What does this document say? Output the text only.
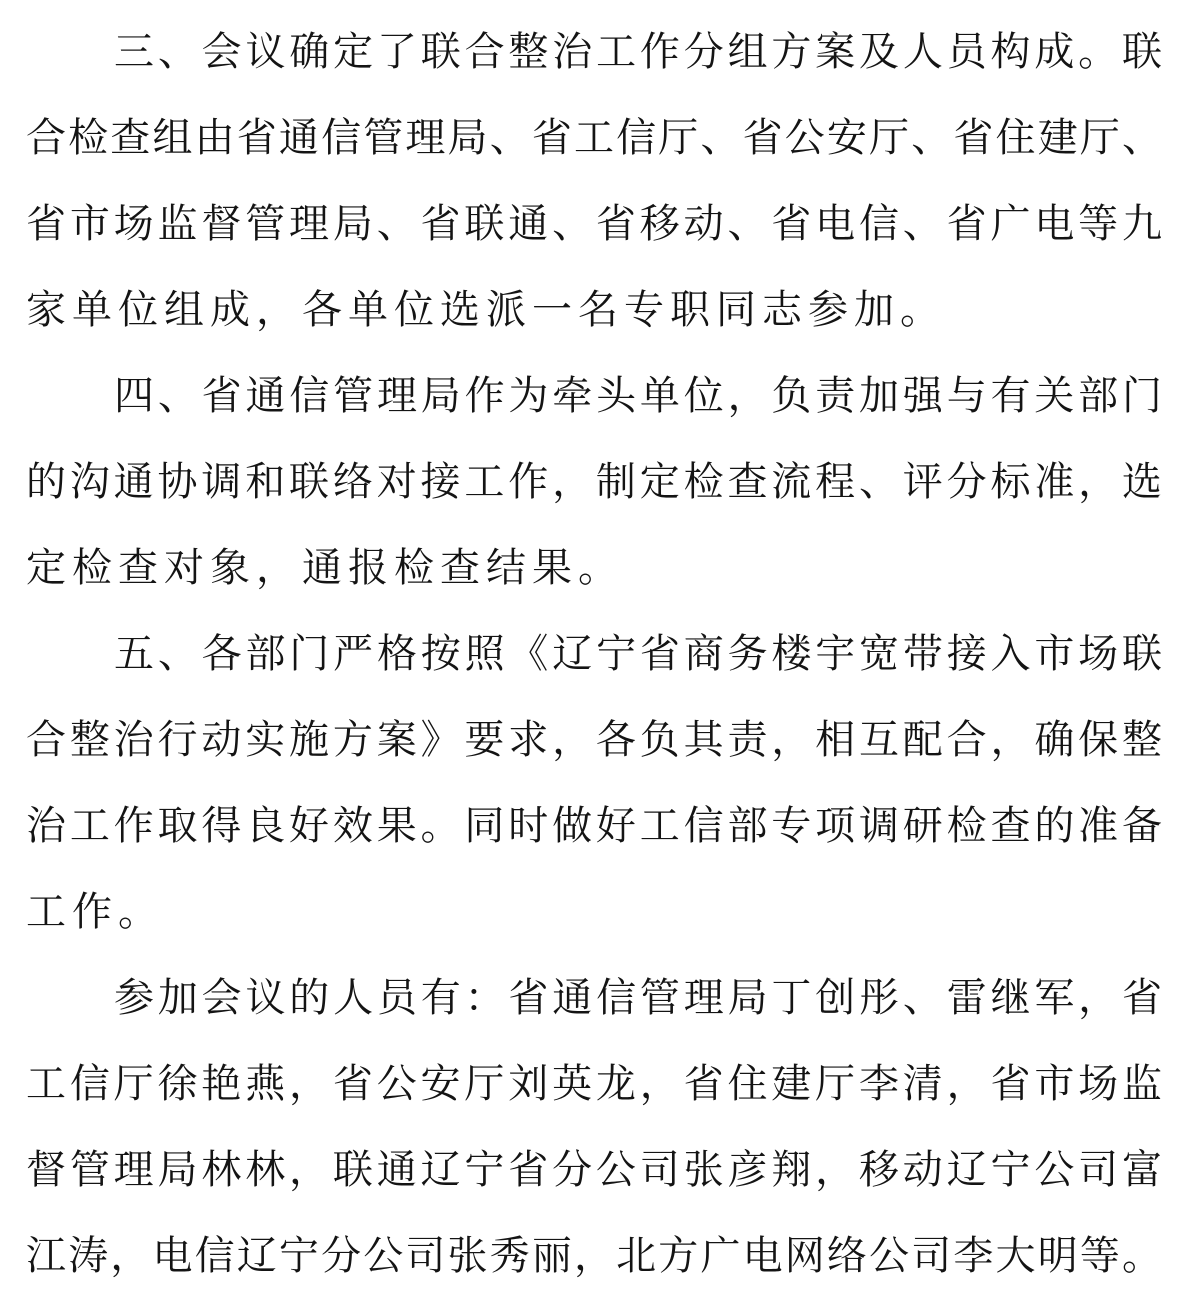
三、会议确定了联合整治工作分组方案及人员构成。联
合检查组由省通信管理局、省工信厅、省公安厅、省住建厅、
省市场监督管理局、省联通、省移动、省电信、省广电等九
家单位组成，各单位选派一名专职同志参加。
四、省通信管理局作为牵头单位，负责加强与有关部门
的沟通协调和联络对接工作，制定检查流程、评分标准，选
定检查对象，通报检查结果。
五、各部门严格按照《辽宁省商务楼宇宽带接入市场联
合整治行动实施方案》要求，各负其责，相互配合，确保整
治工作取得良好效果。同时做好工信部专项调研检查的准备
工作。
参加会议的人员有：省通信管理局丁创彤、雷继军，省
工信厅徐艳燕，省公安厅刘英龙，省住建厅李清，省市场监
督管理局林林，联通辽宁省分公司张彦翔，移动辽宁公司富
江涛，电信辽宁分公司张秀丽，北方广电网络公司李大明等。
